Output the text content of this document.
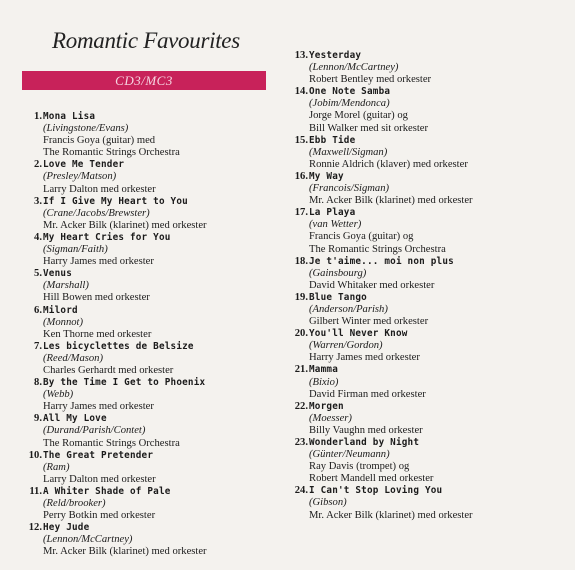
Romantic Favourites
CD3/MC3
1. Mona Lisa
(Livingstone/Evans)
Francis Goya (guitar) med
The Romantic Strings Orchestra
2. Love Me Tender
(Presley/Matson)
Larry Dalton med orkester
3. If I Give My Heart to You
(Crane/Jacobs/Brewster)
Mr. Acker Bilk (klarinet) med orkester
4. My Heart Cries for You
(Sigman/Faith)
Harry James med orkester
5. Venus
(Marshall)
Hill Bowen med orkester
6. Milord
(Monnot)
Ken Thorne med orkester
7. Les bicyclettes de Belsize
(Reed/Mason)
Charles Gerhardt med orkester
8. By the Time I Get to Phoenix
(Webb)
Harry James med orkester
9. All My Love
(Durand/Parish/Contet)
The Romantic Strings Orchestra
10. The Great Pretender
(Ram)
Larry Dalton med orkester
11. A Whiter Shade of Pale
(Reld/brooker)
Perry Botkin med orkester
12. Hey Jude
(Lennon/McCartney)
Mr. Acker Bilk (klarinet) med orkester
13. Yesterday
(Lennon/McCartney)
Robert Bentley med orkester
14. One Note Samba
(Jobim/Mendonca)
Jorge Morel (guitar) og
Bill Walker med sit orkester
15. Ebb Tide
(Maxwell/Sigman)
Ronnie Aldrich (klaver) med orkester
16. My Way
(Francois/Sigman)
Mr. Acker Bilk (klarinet) med orkester
17. La Playa
(van Wetter)
Francis Goya (guitar) og
The Romantic Strings Orchestra
18. Je t'aime... moi non plus
(Gainsbourg)
David Whitaker med orkester
19. Blue Tango
(Anderson/Parish)
Gilbert Winter med orkester
20. You'll Never Know
(Warren/Gordon)
Harry James med orkester
21. Mamma
(Bixio)
David Firman med orkester
22. Morgen
(Moesser)
Billy Vaughn med orkester
23. Wonderland by Night
(Günter/Neumann)
Ray Davis (trompet) og
Robert Mandell med orkester
24. I Can't Stop Loving You
(Gibson)
Mr. Acker Bilk (klarinet) med orkester
